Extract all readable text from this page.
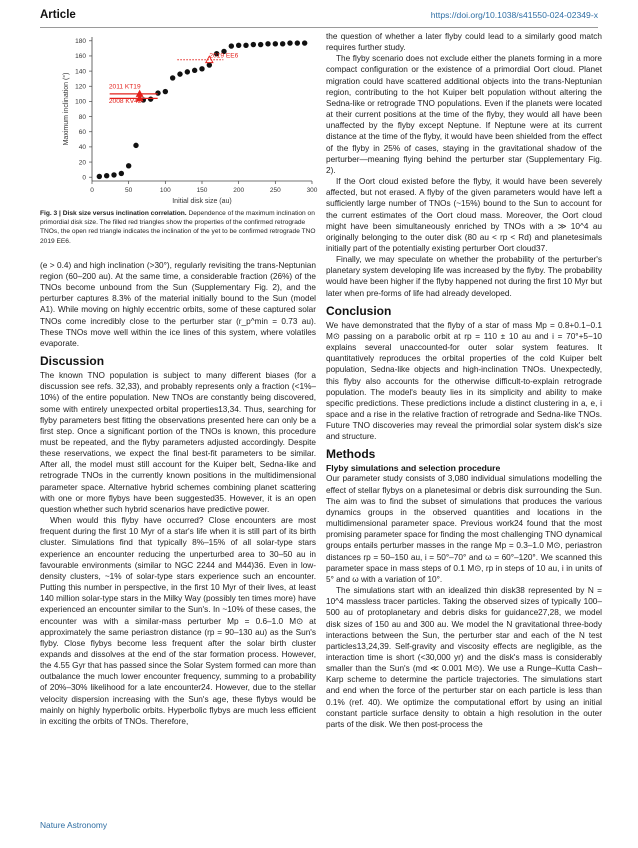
Article	https://doi.org/10.1038/s41550-024-02349-x
0	50	100	150	200	250	300
0
20
40
60
80
100
120
140
160
180
Initial disk size (au)
Maximum inclination (°)
2019 EE6
2011 KT19
2008 KV42

Fig. 3 | Disk size versus inclination correlation. Dependence of the maximum inclination on primordial disk size. The filled red triangles show the properties of the confirmed retrograde TNOs, the open red triangle indicates the inclination of the yet to be confirmed retrograde TNO 2019 EE6.

(e > 0.4) and high inclination (>30°), regularly revisiting the trans-Neptunian region (60–200 au). At the same time, a considerable fraction (26%) of the TNOs become unbound from the Sun (Supplementary Fig. 2), and the perturber captures 8.3% of the material initially bound to the Sun (model A1). While moving on highly eccentric orbits, some of these captured solar TNOs come incredibly close to the perturber star (r_p^min = 0.73 au). These TNOs move well within the ice lines of this system, where volatiles evaporate.

Discussion

The known TNO population is subject to many different biases (for a discussion see refs. 32,33), and probably represents only a fraction (<1%–10%) of the entire population. New TNOs are constantly being discovered, some with entirely unexpected orbital properties13,34. Thus, searching for flyby parameters best fitting the observations presented here can only be a first step. Once a significant portion of the TNOs is known, this procedure must be repeated, and the flyby parameters adjusted accordingly. Despite these reservations, we expect the final best-fit parameters to be similar. After all, the model must still account for the Kuiper belt, Sedna-like and retrograde TNOs in the currently known positions in the multidimensional parameter space. Alternative hybrid schemes combining planet scattering with one or more flybys have been suggested35. However, it is an open question whether such hybrid scenarios have predictive power.

When would this flyby have occurred? Close encounters are most frequent during the first 10 Myr of a star's life when it is still part of its birth cluster. Simulations find that typically 8%–15% of all solar-type stars experience an encounter reducing the unperturbed area to 30–50 au in favourable environments (similar to NGC 2244 and M44)36. Even in low-density clusters, ~1% of solar-type stars experience such an encounter. Putting this number in perspective, in the first 10 Myr of their lives, at least 140 million solar-type stars in the Milky Way (possibly ten times more) have experienced an encounter similar to the Sun's. In ~10% of these cases, the encounter was with a similar-mass perturber Mp = 0.6–1.0 M⊙ at approximately the same periastron distance (rp = 90–130 au) as the Sun's flyby. Close flybys become less frequent after the solar birth cluster expands and dissolves at the end of the star formation process. However, the 4.55 Gyr that has passed since the Solar System formed can more than outbalance the much lower encounter frequency, summing to a probability of 20%–30% likelihood for a late encounter24. However, due to the stellar velocity dispersion increasing with the Sun's age, these flybys would be mainly on highly hyperbolic orbits. Hyperbolic flybys are much less efficient in exciting the orbits of TNOs. Therefore,

the question of whether a later flyby could lead to a similarly good match requires further study.

The flyby scenario does not exclude either the planets forming in a more compact configuration or the existence of a primordial Oort cloud. Planet migration could have scattered additional objects into the trans-Neptunian region, contributing to the hot Kuiper belt population without altering the Sedna-like or retrograde TNO populations. Even if the planets were located at their current positions at the time of the flyby, they would all have been unaffected by the flyby except Neptune. If Neptune were at its current distance at the time of the flyby, it would have been shielded from the effect of the flyby in 25% of cases, staying in the gravitational shadow of the perturber—meaning flying behind the perturber star (Supplementary Fig. 2).

If the Oort cloud existed before the flyby, it would have been severely affected, but not erased. A flyby of the given parameters would have left a sufficiently large number of TNOs (~15%) bound to the Sun to account for the current estimates of the Oort cloud mass. Moreover, the Oort cloud might have been simultaneously enriched by TNOs with a ≫ 10^4 au originally belonging to the outer disk (80 au < rp < Rd) and planetesimals initially part of the potentially existing perturber Oort cloud37.

Finally, we may speculate on whether the probability of the perturber's planetary system developing life was increased by the flyby. The probability would have been higher if the flyby happened not during the first 10 Myr but later when pre-forms of life had already developed.

Conclusion

We have demonstrated that the flyby of a star of mass Mp = 0.8+0.1−0.1 M⊙ passing on a parabolic orbit at rp = 110 ± 10 au and i = 70°+5−10 explains several unaccounted-for outer solar system features. It quantitatively reproduces the orbital properties of the cold Kuiper belt population, Sedna-like objects and high-inclination TNOs. Unexpectedly, this flyby also accounts for the otherwise difficult-to-explain retrograde population. The model's beauty lies in its simplicity and ability to make specific predictions. These predictions include a distinct clustering in a, e, i space and a rise in the relative fraction of retrograde and Sedna-like TNOs. Future TNO discoveries may reveal the primordial solar system disk's size and structure.

Methods
Flyby simulations and selection procedure

Our parameter study consists of 3,080 individual simulations modelling the effect of stellar flybys on a planetesimal or debris disk surrounding the Sun. The aim was to find the subset of simulations that produces the various dynamics groups in the observed quantities and locations in the multidimensional parameter space. Previous work24 found that the most promising parameter space for finding the most challenging TNO dynamical groups entails perturber masses in the range Mp = 0.3–1.0 M⊙, periastron distances rp = 50–150 au, i = 50°–70° and ω = 60°–120°. We scanned this parameter space in mass steps of 0.1 M⊙, rp in steps of 10 au, i in units of 5° and ω with a variation of 10°.

The simulations start with an idealized thin disk38 represented by N = 10^4 massless tracer particles. Taking the observed sizes of typically 100–500 au of protoplanetary and debris disks for guidance27,28, we model disk sizes of 150 au and 300 au. We model the N gravitational three-body interactions between the Sun, the perturber star and each of the N test particles13,24,39. Self-gravity and viscosity effects are negligible, as the interaction time is short (<30,000 yr) and the disk's mass is considerably smaller than the Sun's (md ≪ 0.001 M⊙). We use a Runge–Kutta Cash–Karp scheme to determine the particle trajectories. The simulations start and end when the force of the perturber star on each particle is less than 0.1% (ref. 40). We optimize the computational effort by using an initial constant particle surface density to obtain a high resolution in the outer parts of the disk. We then post-process the

Nature Astronomy
